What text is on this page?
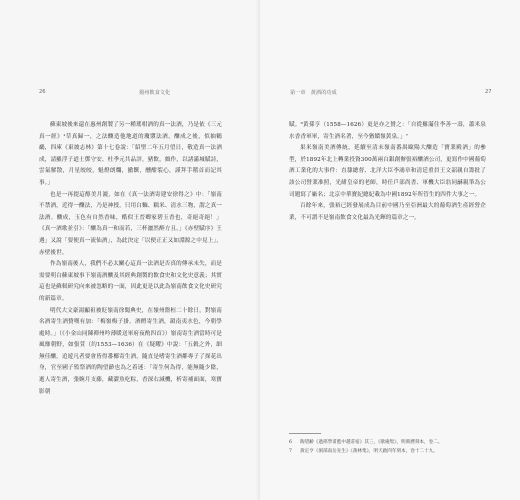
26	揚州飲食文化

蘇東坡後來還在惠州創製了另一種瑤柑酒的真一法酒，乃是依《三元真一經》¹草真歸一，之法釀造他地道的瓊漿法酒，釀成之後，似抽鶴鷸，四庫《東坡志林》第十七卷說：「紹聖二年五月望日，敬造真一法酒成，請羅浮子道士鄧守安、杜季元共品評，豬飲，頗作，以諸滿城賦詩，雲氣解散，月星皎皎，魁燈朗爛，撤饌，醺酣裂心，謹拜手稽首而記其事。」

也是一再提這醇美月漉，如在《真一法酒寄建安徐得之》中：「嶺南不禁酒，近得一釀法，乃是神授，只用白麵、糯米、清水三物，謂之真一法酒。釀成，玉色有自然香味，酷似王晉卿家碧玉香也，奇絕奇絕！」《真一酒歌並引》：「釀為真一和而若，三杯灑然醉方且。」《赤壁賦序》王遇」又說「要便真一流仙酒」，為此決定「以便正正又如淵源之中見上」，赤壁後世。

作為嶺南後人，我們不必太關心這真一法酒是否真的傳承未失，而是需要明白蘇東坡事下嶺南酒釀及其經典創製的飲食史和文化史意義；其實這也是蘇軾研究向來被忽略的一面，因此更是以此為嶺南飲食文化史研究的新篇章。

明代大文豪湯顯祖被貶嶺南徐聞典史，在嶺州盤桓二十餘日，對嶺南名酒寄生酒贊嘆有加：「梅嶺梅子掛，酒酹寄生酒，韻南夷水色，今朝學處時。」（《小金山同陳禪州吟薄暖送軍府夜酌四首》）嶺南寄生酒當時可是風靡朝野，如張萱（約1553—1636）在《疑耀》中說：「五穀之外，細無佳釀，追遊凡者要會皆得番椰寄生酒，隨直是嗜寄生酒鄰專子了探花出身，官至國子監祭酒的陶望齡也為之着迷：「寄生何為得，能無隨少陰，逝人寄生酒，張婉月支藤，藏澀魚吃粽，香深右減機，析寄補面面，寒寶影朝

第一章　黃酒的功成	27

賦。⁶黃孫亨（1558—1626）更是亦之贊之：「自從羅滿住李善一壽，蕭米泉水香香軍軍，寄生酒名著，至今猶饋嶺黃泉。」⁷

果米嶺南美酒傳統，延續至清末嶺南番禺歐陽大釀造「寶業殿酒」的參型，於1892年北上轉業投資300萬兩白銀創辦張裕釀酒公司，更寫作中國葡萄酒工業化的大事件：直隸總督、北洋大臣李鴻章和清廷重員王文韶親自籌批了該公司營業准照，光緒皇帝的老師，時任戶部尚書、軍機大臣翁同龢親筆為公司題寫了廠名；北京中華寶紀總紀載為中國1892年所管生的四件大事之一。

百餘年來，張裕已經發展成為目前中國乃至亞洲最大的葡萄酒生產經營企業，不可謂不是嶺南飲食文化最為光輝的篇章之一。

6	陶望齡《過邢學甫藍中趙莊宿》其三，《歇庵集》，明萬曆刻本，卷二。
7	黃定亨《洞部南岳先生》《黃林集》，明天啟四年刻本，卷十二十九。
